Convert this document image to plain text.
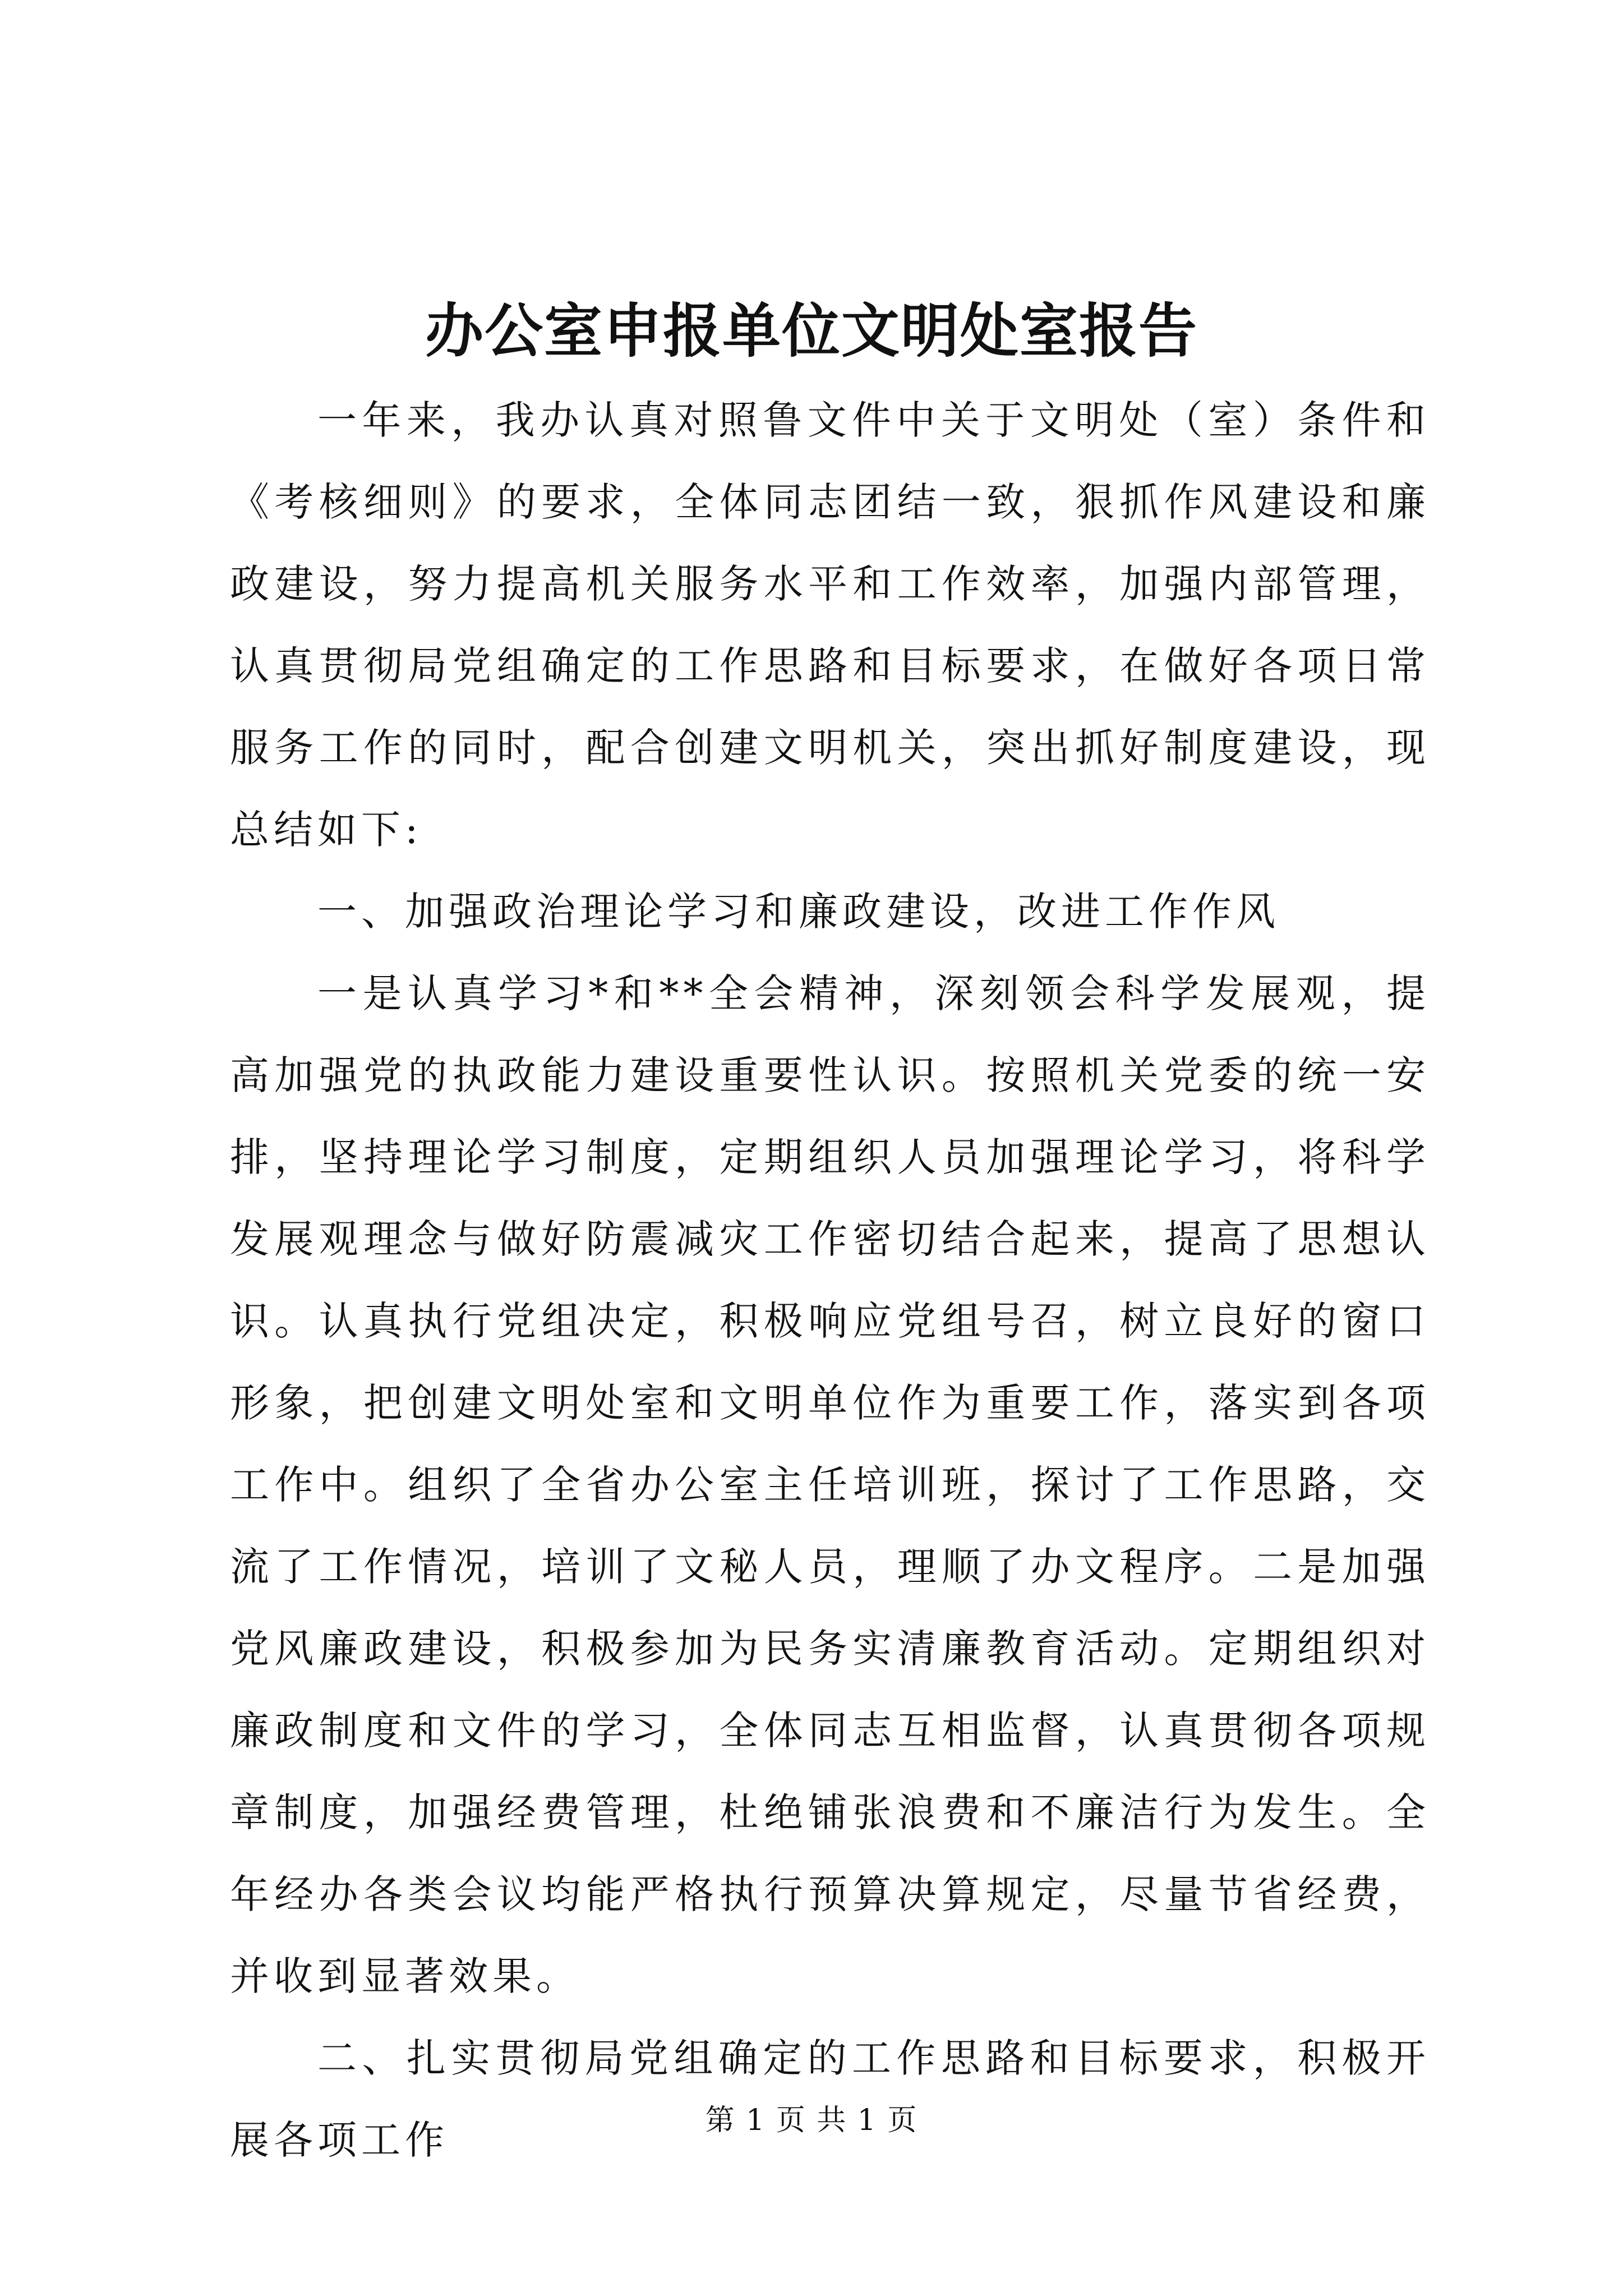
办公室申报单位文明处室报告

一年来，我办认真对照鲁文件中关于文明处（室）条件和《考核细则》的要求，全体同志团结一致，狠抓作风建设和廉政建设，努力提高机关服务水平和工作效率，加强内部管理，认真贯彻局党组确定的工作思路和目标要求，在做好各项日常服务工作的同时，配合创建文明机关，突出抓好制度建设，现总结如下:

一、加强政治理论学习和廉政建设，改进工作作风

一是认真学习*和**全会精神，深刻领会科学发展观，提高加强党的执政能力建设重要性认识。按照机关党委的统一安排，坚持理论学习制度，定期组织人员加强理论学习，将科学发展观理念与做好防震减灾工作密切结合起来，提高了思想认识。认真执行党组决定，积极响应党组号召，树立良好的窗口形象，把创建文明处室和文明单位作为重要工作，落实到各项工作中。组织了全省办公室主任培训班，探讨了工作思路，交流了工作情况，培训了文秘人员，理顺了办文程序。二是加强党风廉政建设，积极参加为民务实清廉教育活动。定期组织对廉政制度和文件的学习，全体同志互相监督，认真贯彻各项规章制度，加强经费管理，杜绝铺张浪费和不廉洁行为发生。全年经办各类会议均能严格执行预算决算规定，尽量节省经费，并收到显著效果。

二、扎实贯彻局党组确定的工作思路和目标要求，积极开展各项工作	第 1 页 共 1 页
